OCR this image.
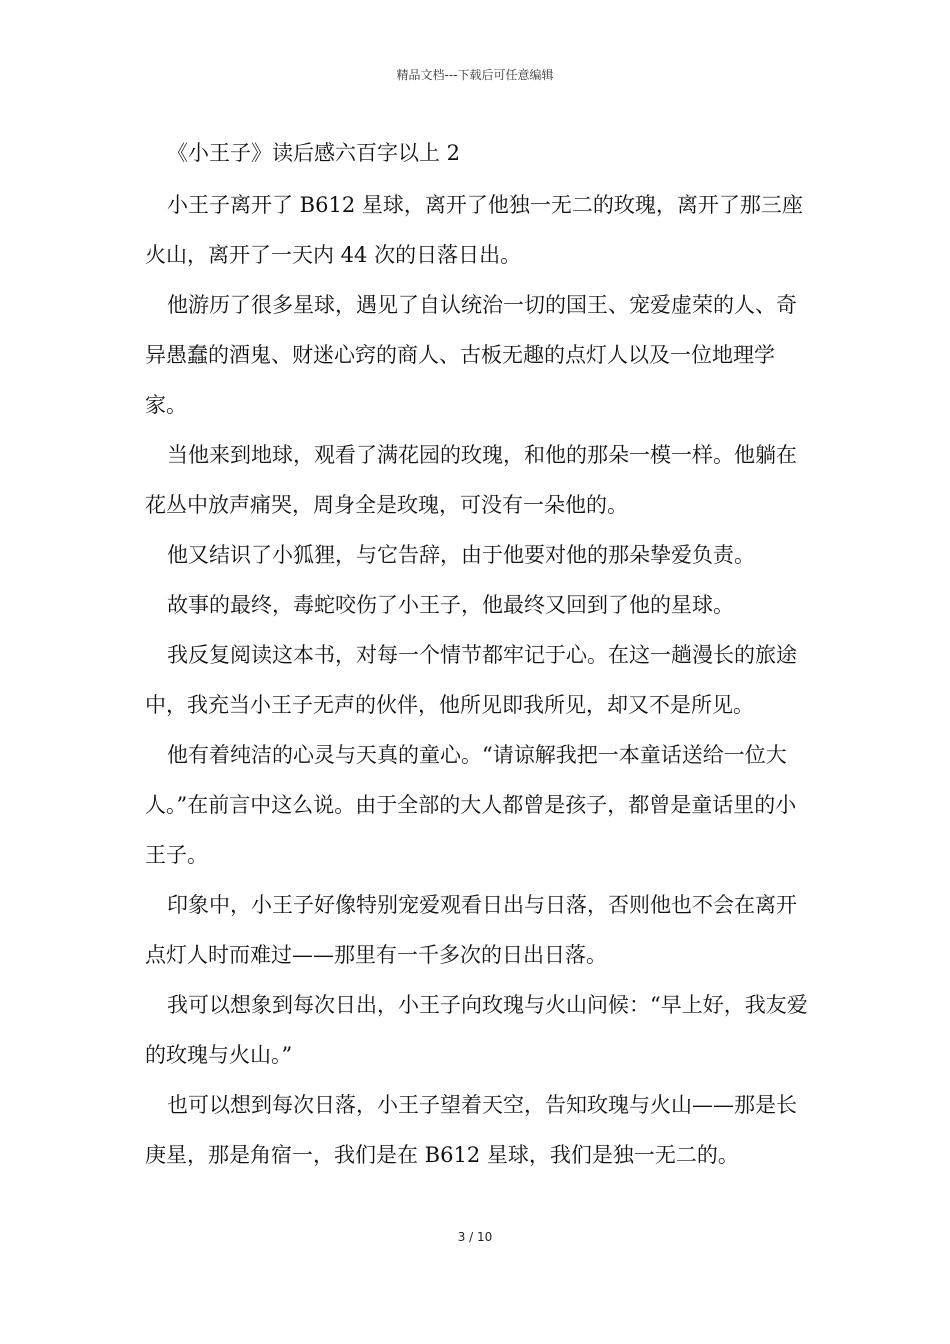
精品文档---下载后可任意编辑

《小王子》读后感六百字以上 2

小王子离开了 B612 星球，离开了他独一无二的玫瑰，离开了那三座火山，离开了一天内 44 次的日落日出。

他游历了很多星球，遇见了自认统治一切的国王、宠爱虚荣的人、奇异愚蠢的酒鬼、财迷心窍的商人、古板无趣的点灯人以及一位地理学家。

当他来到地球，观看了满花园的玫瑰，和他的那朵一模一样。他躺在花丛中放声痛哭，周身全是玫瑰，可没有一朵他的。

他又结识了小狐狸，与它告辞，由于他要对他的那朵挚爱负责。

故事的最终，毒蛇咬伤了小王子，他最终又回到了他的星球。

我反复阅读这本书，对每一个情节都牢记于心。在这一趟漫长的旅途中，我充当小王子无声的伙伴，他所见即我所见，却又不是所见。

他有着纯洁的心灵与天真的童心。“请谅解我把一本童话送给一位大人。”在前言中这么说。由于全部的大人都曾是孩子，都曾是童话里的小王子。

印象中，小王子好像特别宠爱观看日出与日落，否则他也不会在离开点灯人时而难过——那里有一千多次的日出日落。

我可以想象到每次日出，小王子向玫瑰与火山问候：“早上好，我友爱的玫瑰与火山。”

也可以想到每次日落，小王子望着天空，告知玫瑰与火山——那是长庚星，那是角宿一，我们是在 B612 星球，我们是独一无二的。

3 / 10
